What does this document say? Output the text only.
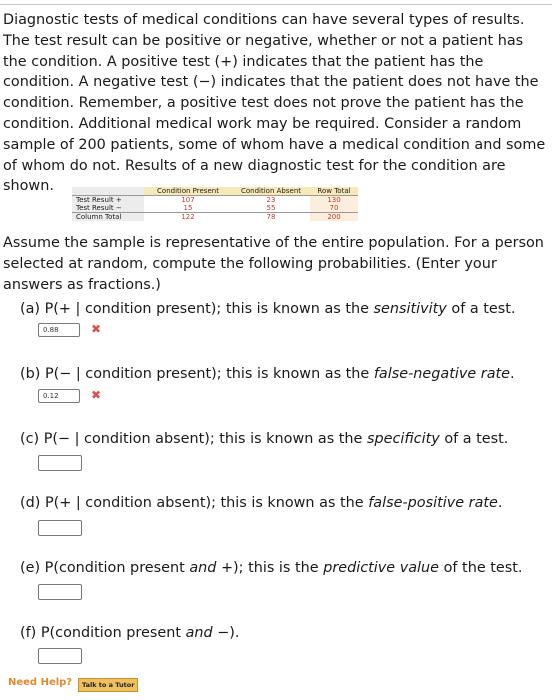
Diagnostic tests of medical conditions can have several types of results. The test result can be positive or negative, whether or not a patient has the condition. A positive test (+) indicates that the patient has the condition. A negative test (−) indicates that the patient does not have the condition. Remember, a positive test does not prove the patient has the condition. Additional medical work may be required. Consider a random sample of 200 patients, some of whom have a medical condition and some of whom do not. Results of a new diagnostic test for the condition are shown.
		Condition Present	Condition Absent	Row Total
Test Result +	107	23	130
Test Result −	15	55	70
Column Total	122	78	200
Assume the sample is representative of the entire population. For a person selected at random, compute the following probabilities. (Enter your answers as fractions.)
(a) P(+ | condition present); this is known as the sensitivity of a test.
0.88
✖
(b) P(− | condition present); this is known as the false-negative rate.
0.12
✖
(c) P(− | condition absent); this is known as the specificity of a test.
(d) P(+ | condition absent); this is known as the false-positive rate.
(e) P(condition present and +); this is the predictive value of the test.
(f) P(condition present and −).
Need Help?	Talk to a Tutor
